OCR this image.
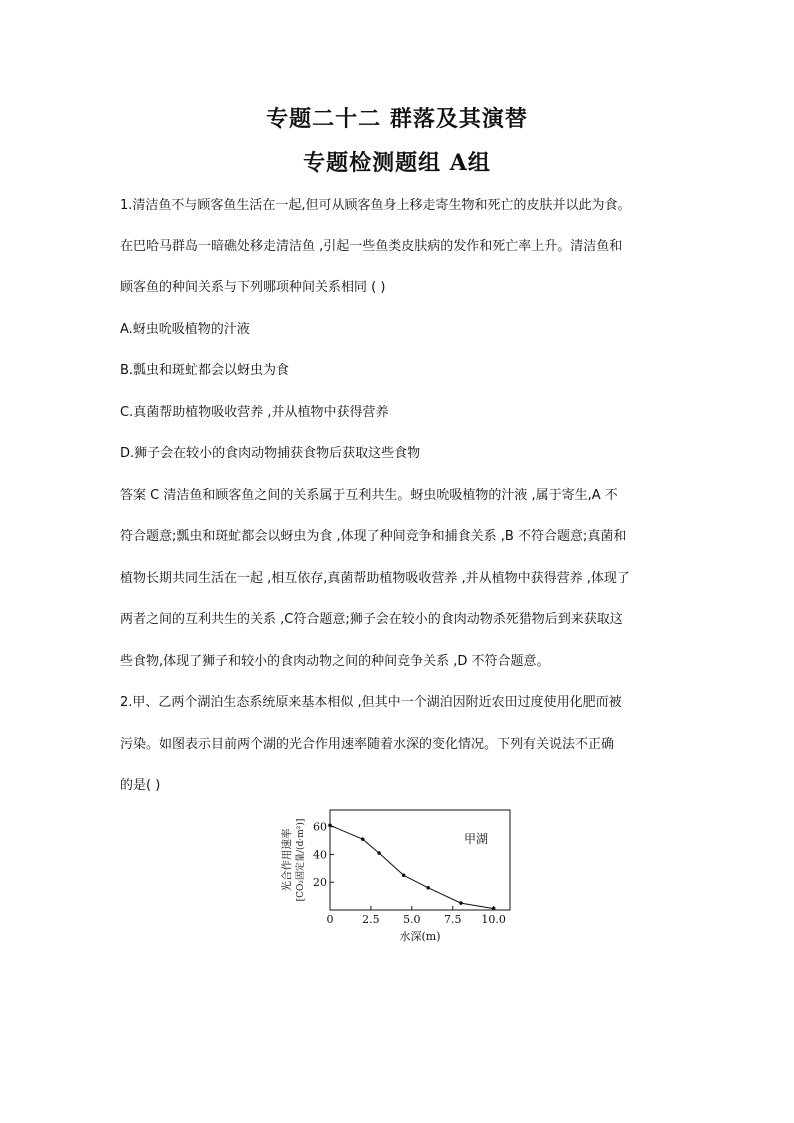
专题二十二 群落及其演替
专题检测题组 A组

1.清洁鱼不与顾客鱼生活在一起,但可从顾客鱼身上移走寄生物和死亡的皮肤并以此为食。

在巴哈马群岛一暗礁处移走清洁鱼 ,引起一些鱼类皮肤病的发作和死亡率上升。清洁鱼和

顾客鱼的种间关系与下列哪项种间关系相同 ( )

A.蚜虫吮吸植物的汁液

B.瓢虫和斑虻都会以蚜虫为食

C.真菌帮助植物吸收营养 ,并从植物中获得营养

D.狮子会在较小的食肉动物捕获食物后获取这些食物

答案 C 清洁鱼和顾客鱼之间的关系属于互利共生。蚜虫吮吸植物的汁液 ,属于寄生,A 不

符合题意;瓢虫和斑虻都会以蚜虫为食 ,体现了种间竞争和捕食关系 ,B 不符合题意;真菌和

植物长期共同生活在一起 ,相互依存,真菌帮助植物吸收营养 ,并从植物中获得营养 ,体现了

两者之间的互利共生的关系 ,C符合题意;狮子会在较小的食肉动物杀死猎物后到来获取这

些食物,体现了狮子和较小的食肉动物之间的种间竞争关系 ,D 不符合题意。

2.甲、乙两个湖泊生态系统原来基本相似 ,但其中一个湖泊因附近农田过度使用化肥而被

污染。如图表示目前两个湖的光合作用速率随着水深的变化情况。下列有关说法不正确

的是( )

0	2.5 5.0 7.5 10.0
20
40
60
甲湖
水深(m)
光合作用速率 [CO₂固定量/(d·m²)]
